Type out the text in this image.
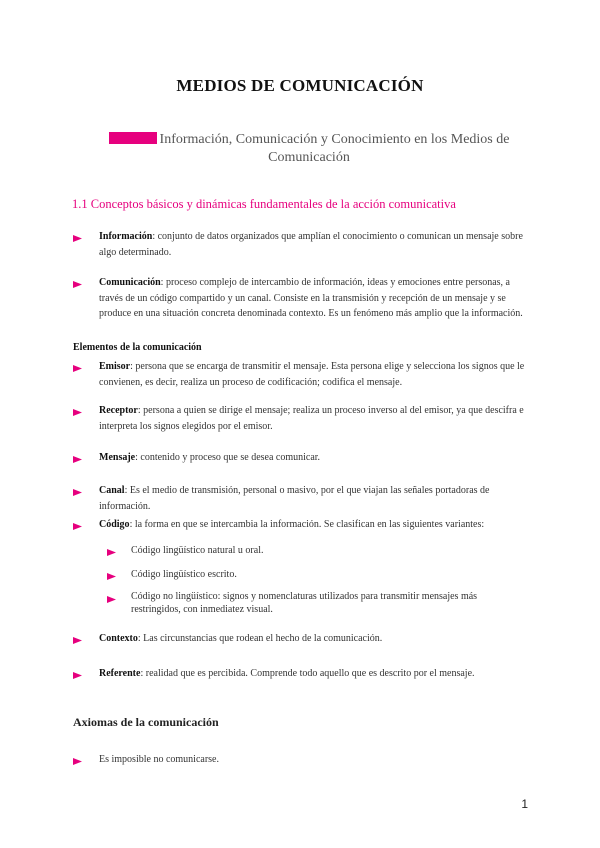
MEDIOS DE COMUNICACIÓN
Información, Comunicación y Conocimiento en los Medios de Comunicación
1.1 Conceptos básicos y dinámicas fundamentales de la acción comunicativa
Información: conjunto de datos organizados que amplían el conocimiento o comunican un mensaje sobre algo determinado.
Comunicación: proceso complejo de intercambio de información, ideas y emociones entre personas, a través de un código compartido y un canal. Consiste en la transmisión y recepción de un mensaje y se produce en una situación concreta denominada contexto. Es un fenómeno más amplio que la información.
Elementos de la comunicación
Emisor: persona que se encarga de transmitir el mensaje. Esta persona elige y selecciona los signos que le convienen, es decir, realiza un proceso de codificación; codifica el mensaje.
Receptor: persona a quien se dirige el mensaje; realiza un proceso inverso al del emisor, ya que descifra e interpreta los signos elegidos por el emisor.
Mensaje: contenido y proceso que se desea comunicar.
Canal: Es el medio de transmisión, personal o masivo, por el que viajan las señales portadoras de información.
Código: la forma en que se intercambia la información. Se clasifican en las siguientes variantes:
Código lingüístico natural u oral.
Código lingüístico escrito.
Código no lingüístico: signos y nomenclaturas utilizados para transmitir mensajes más restringidos, con inmediatez visual.
Contexto: Las circunstancias que rodean el hecho de la comunicación.
Referente: realidad que es percibida. Comprende todo aquello que es descrito por el mensaje.
Axiomas de la comunicación
Es imposible no comunicarse.
1
